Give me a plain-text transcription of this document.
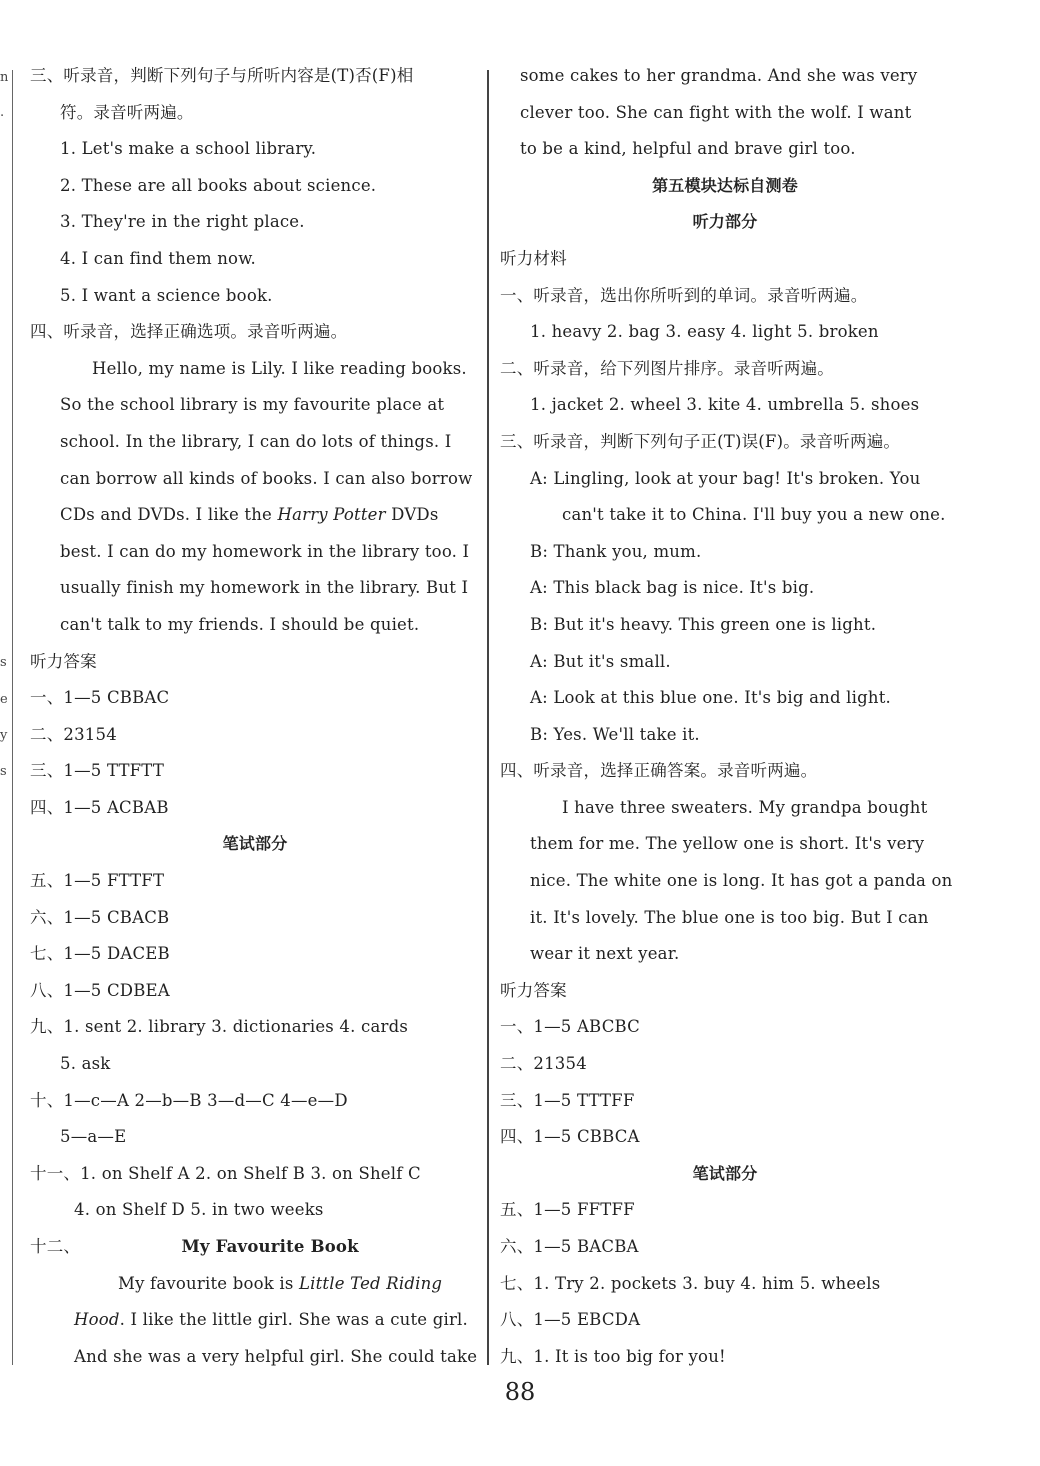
n
.
s
e
y
s
三、听录音，判断下列句子与所听内容是(T)否(F)相
符。录音听两遍。
1. Let's make a school library.
2. These are all books about science.
3. They're in the right place.
4. I can find them now.
5. I want a science book.
四、听录音，选择正确选项。录音听两遍。
Hello, my name is Lily. I like reading books.
So the school library is my favourite place at
school. In the library, I can do lots of things. I
can borrow all kinds of books. I can also borrow
CDs and DVDs. I like the Harry Potter DVDs
best. I can do my homework in the library too. I
usually finish my homework in the library. But I
can't talk to my friends. I should be quiet.
听力答案
一、1—5 CBBAC
二、23154
三、1—5 TTFTT
四、1—5 ACBAB
笔试部分
五、1—5 FTTFT
六、1—5 CBACB
七、1—5 DACEB
八、1—5 CDBEA
九、1. sent 2. library 3. dictionaries 4. cards
5. ask
十、1—c—A 2—b—B 3—d—C 4—e—D
5—a—E
十一、1. on Shelf A 2. on Shelf B 3. on Shelf C
4. on Shelf D 5. in two weeks
十二、	My Favourite Book
My favourite book is Little Ted Riding
Hood. I like the little girl. She was a cute girl.
And she was a very helpful girl. She could take
some cakes to her grandma. And she was very
clever too. She can fight with the wolf. I want
to be a kind, helpful and brave girl too.
第五模块达标自测卷
听力部分
听力材料
一、听录音，选出你所听到的单词。录音听两遍。
1. heavy 2. bag 3. easy 4. light 5. broken
二、听录音，给下列图片排序。录音听两遍。
1. jacket 2. wheel 3. kite 4. umbrella 5. shoes
三、听录音，判断下列句子正(T)误(F)。录音听两遍。
A: Lingling, look at your bag! It's broken. You
can't take it to China. I'll buy you a new one.
B: Thank you, mum.
A: This black bag is nice. It's big.
B: But it's heavy. This green one is light.
A: But it's small.
A: Look at this blue one. It's big and light.
B: Yes. We'll take it.
四、听录音，选择正确答案。录音听两遍。
I have three sweaters. My grandpa bought
them for me. The yellow one is short. It's very
nice. The white one is long. It has got a panda on
it. It's lovely. The blue one is too big. But I can
wear it next year.
听力答案
一、1—5 ABCBC
二、21354
三、1—5 TTTFF
四、1—5 CBBCA
笔试部分
五、1—5 FFTFF
六、1—5 BACBA
七、1. Try 2. pockets 3. buy 4. him 5. wheels
八、1—5 EBCDA
九、1. It is too big for you!
88
